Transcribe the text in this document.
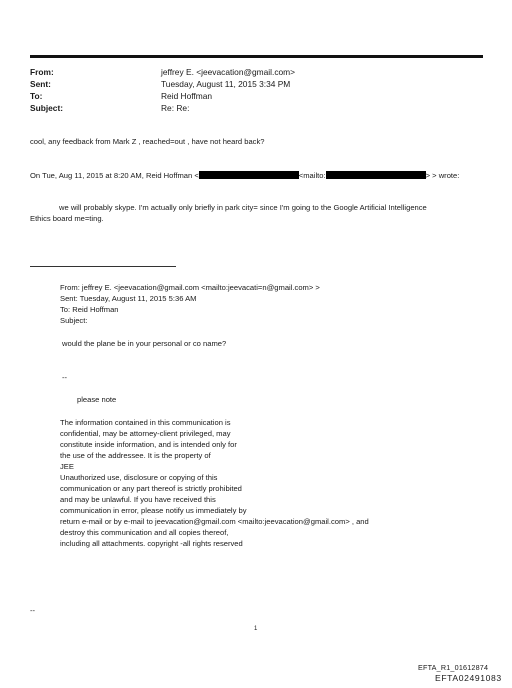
From:	jeffrey E. <jeevacation@gmail.com>
Sent:	Tuesday, August 11, 2015 3:34 PM
To:	Reid Hoffman
Subject:	Re: Re:
cool, any feedback from Mark Z , reached=out , have not heard back?
On Tue, Aug 11, 2015 at 8:20 AM, Reid Hoffman <	<mailto:	> > wrote:
we will probably skype. I'm actually only briefly in park city= since I'm going to the Google Artificial Intelligence
Ethics board me=ting.
From: jeffrey E. <jeevacation@gmail.com <mailto:jeevacati=n@gmail.com> >
Sent: Tuesday, August 11, 2015 5:36 AM
To: Reid Hoffman
Subject:
would the plane be in your personal or co name?
--
please note
The information contained in this communication is
confidential, may be attorney-client privileged, may
constitute inside information, and is intended only for
the use of the addressee. It is the property of
JEE
Unauthorized use, disclosure or copying of this
communication or any part thereof is strictly prohibited
and may be unlawful. If you have received this
communication in error, please notify us immediately by
return e-mail or by e-mail to jeevacation@gmail.com <mailto:jeevacation@gmail.com> , and
destroy this communication and all copies thereof,
including all attachments. copyright -all rights reserved
--
1
EFTA_R1_01612874
EFTA02491083
